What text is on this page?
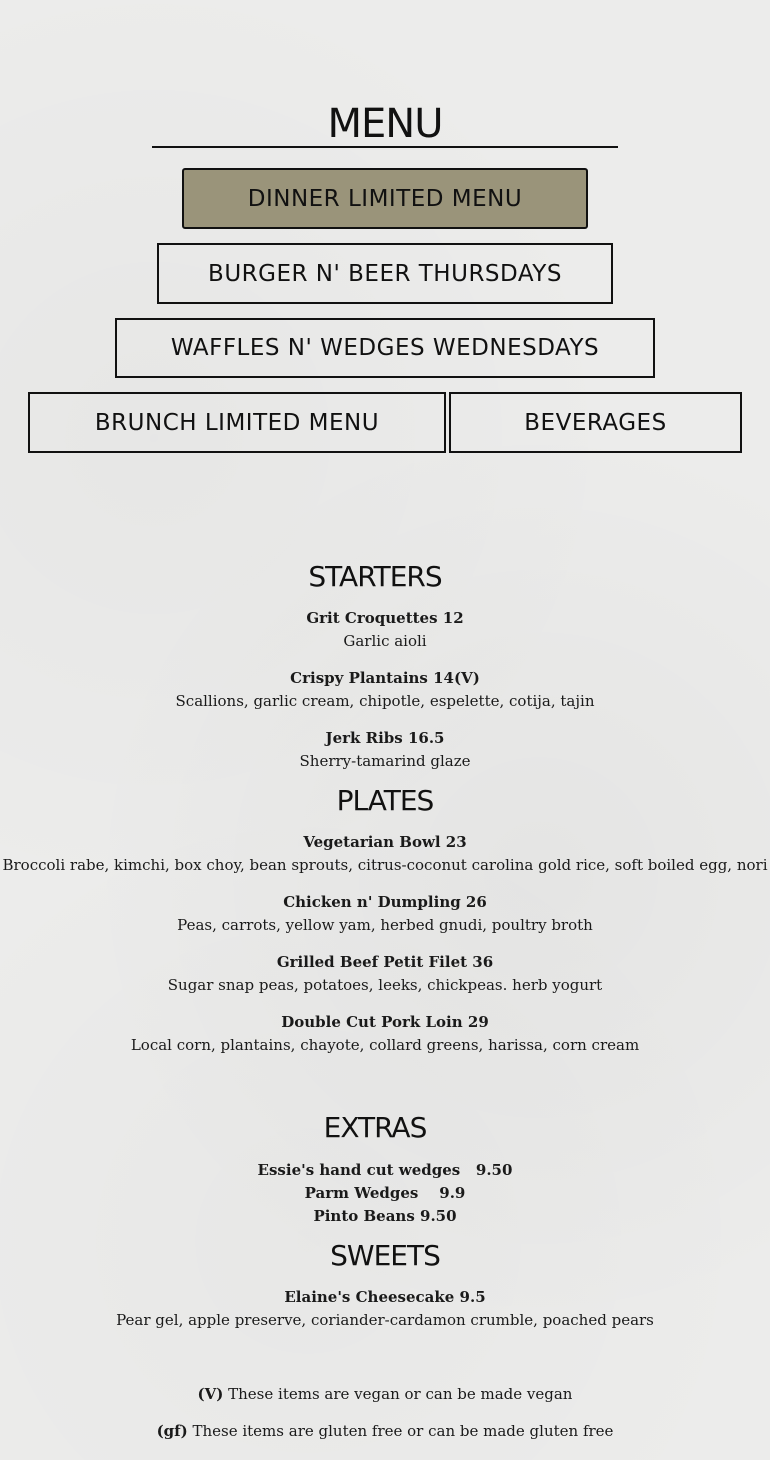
MENU
DINNER LIMITED MENU
BURGER N' BEER THURSDAYS
WAFFLES N' WEDGES WEDNESDAYS
BRUNCH LIMITED MENU	BEVERAGES
STARTERS
Grit Croquettes 12
Garlic aioli
Crispy Plantains 14(V)
Scallions, garlic cream, chipotle, espelette, cotija, tajin
Jerk Ribs 16.5
Sherry-tamarind glaze
PLATES
Vegetarian Bowl 23
Broccoli rabe, kimchi, box choy, bean sprouts, citrus-coconut carolina gold rice, soft boiled egg, nori
Chicken n' Dumpling 26
Peas, carrots, yellow yam, herbed gnudi, poultry broth
Grilled Beef Petit Filet 36
Sugar snap peas, potatoes, leeks, chickpeas. herb yogurt
Double Cut Pork Loin 29
Local corn, plantains, chayote, collard greens, harissa, corn cream
EXTRAS
Essie's hand cut wedges   9.50
Parm Wedges    9.9
Pinto Beans 9.50
SWEETS
Elaine's Cheesecake 9.5
Pear gel, apple preserve, coriander-cardamon crumble, poached pears
(V) These items are vegan or can be made vegan
(gf) These items are gluten free or can be made gluten free
